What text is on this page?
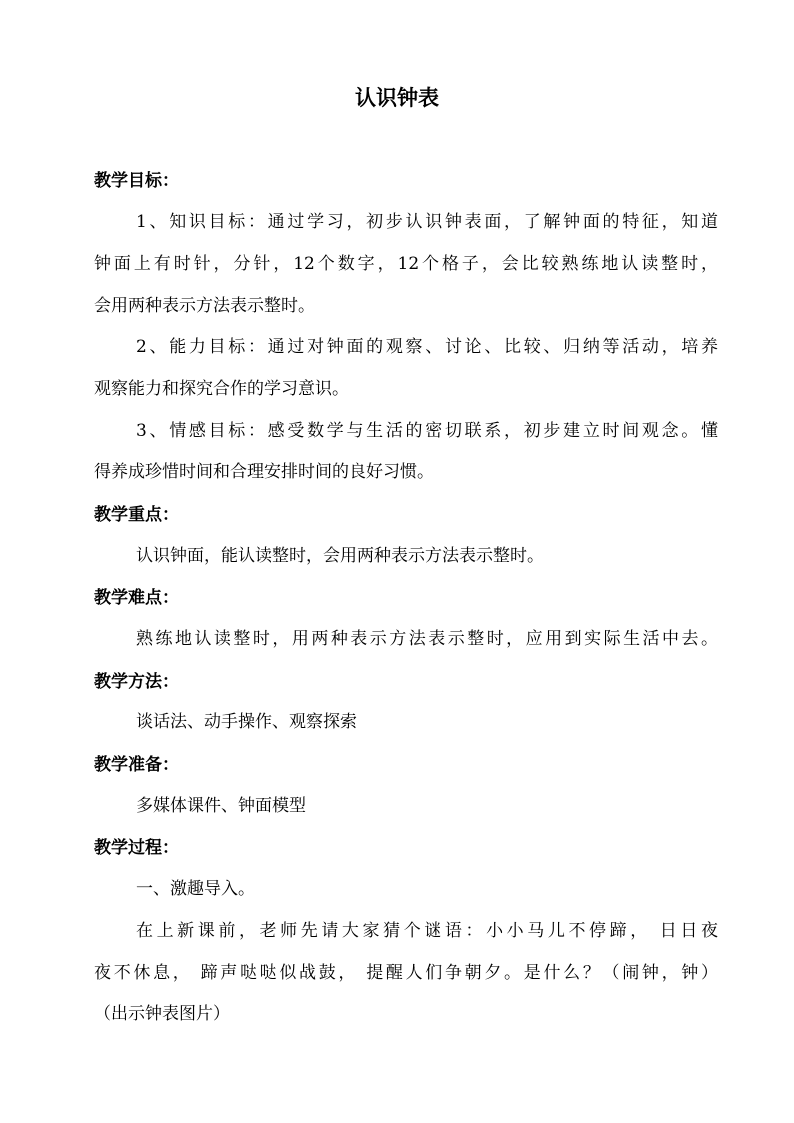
认识钟表

教学目标：

1、知识目标：通过学习，初步认识钟表面，了解钟面的特征，知道

钟面上有时针，分针，12个数字，12个格子，会比较熟练地认读整时，

会用两种表示方法表示整时。

2、能力目标：通过对钟面的观察、讨论、比较、归纳等活动，培养

观察能力和探究合作的学习意识。

3、情感目标：感受数学与生活的密切联系，初步建立时间观念。懂

得养成珍惜时间和合理安排时间的良好习惯。

教学重点：

认识钟面，能认读整时，会用两种表示方法表示整时。

教学难点：

熟练地认读整时，用两种表示方法表示整时，应用到实际生活中去。

教学方法：

谈话法、动手操作、观察探索

教学准备：

多媒体课件、钟面模型

教学过程：

一、激趣导入。

在上新课前，老师先请大家猜个谜语：小小马儿不停蹄， 日日夜

夜不休息， 蹄声哒哒似战鼓， 提醒人们争朝夕。是什么？（闹钟，钟）

（出示钟表图片）
